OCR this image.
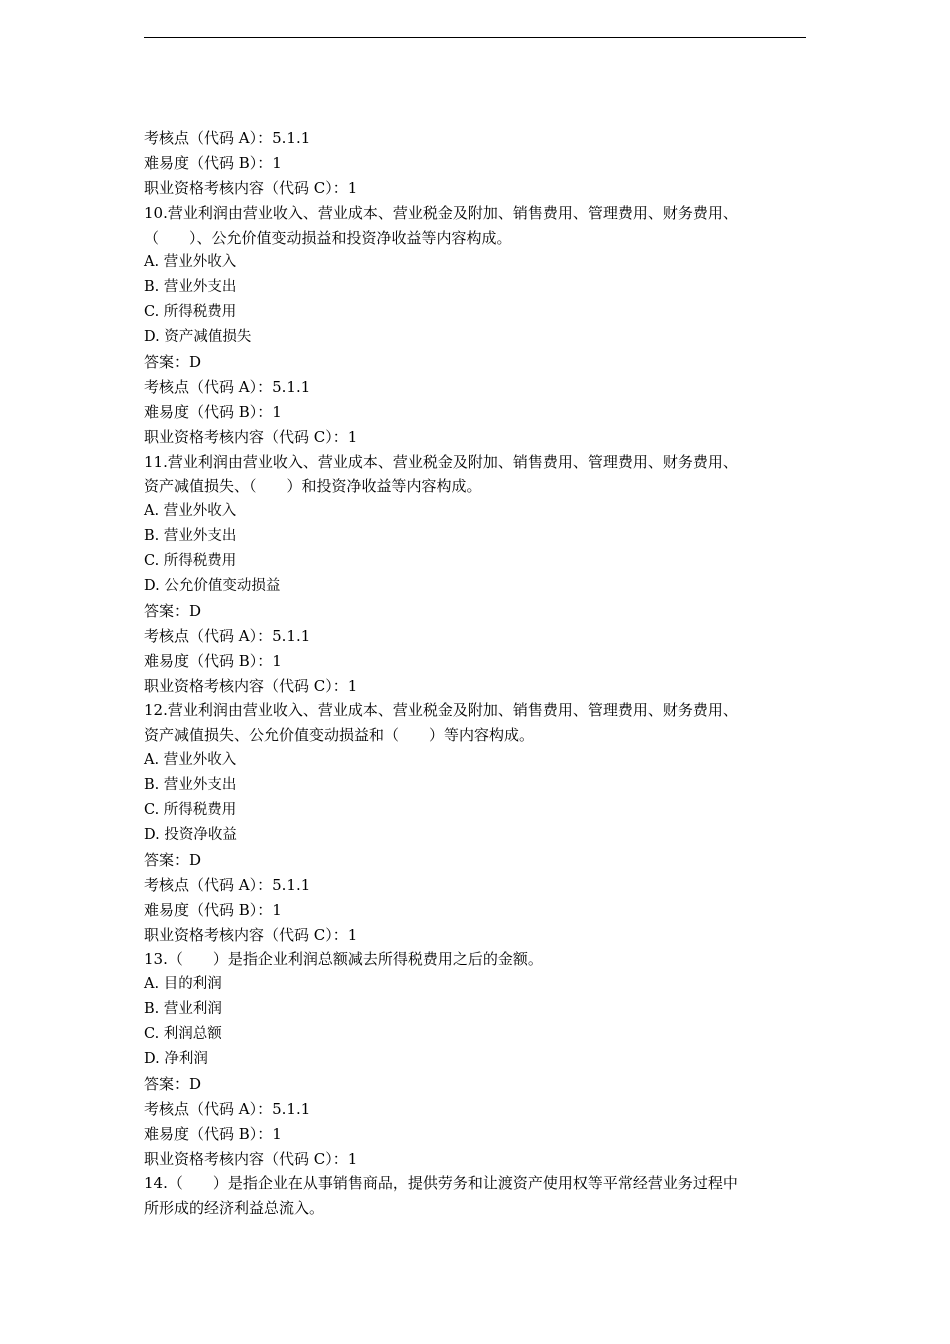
考核点（代码 A）：5.1.1
难易度（代码 B）：1
职业资格考核内容（代码 C）：1
10.营业利润由营业收入、营业成本、营业税金及附加、销售费用、管理费用、财务费用、
（　　）、公允价值变动损益和投资净收益等内容构成。
A. 营业外收入
B. 营业外支出
C. 所得税费用
D. 资产减值损失
答案：D
考核点（代码 A）：5.1.1
难易度（代码 B）：1
职业资格考核内容（代码 C）：1
11.营业利润由营业收入、营业成本、营业税金及附加、销售费用、管理费用、财务费用、
资产减值损失、（　　）和投资净收益等内容构成。
A. 营业外收入
B. 营业外支出
C. 所得税费用
D. 公允价值变动损益
答案：D
考核点（代码 A）：5.1.1
难易度（代码 B）：1
职业资格考核内容（代码 C）：1
12.营业利润由营业收入、营业成本、营业税金及附加、销售费用、管理费用、财务费用、
资产减值损失、公允价值变动损益和（　　）等内容构成。
A. 营业外收入
B. 营业外支出
C. 所得税费用
D. 投资净收益
答案：D
考核点（代码 A）：5.1.1
难易度（代码 B）：1
职业资格考核内容（代码 C）：1
13.（　　）是指企业利润总额减去所得税费用之后的金额。
A. 目的利润
B. 营业利润
C. 利润总额
D. 净利润
答案：D
考核点（代码 A）：5.1.1
难易度（代码 B）：1
职业资格考核内容（代码 C）：1
14.（　　）是指企业在从事销售商品，提供劳务和让渡资产使用权等平常经营业务过程中
所形成的经济利益总流入。
